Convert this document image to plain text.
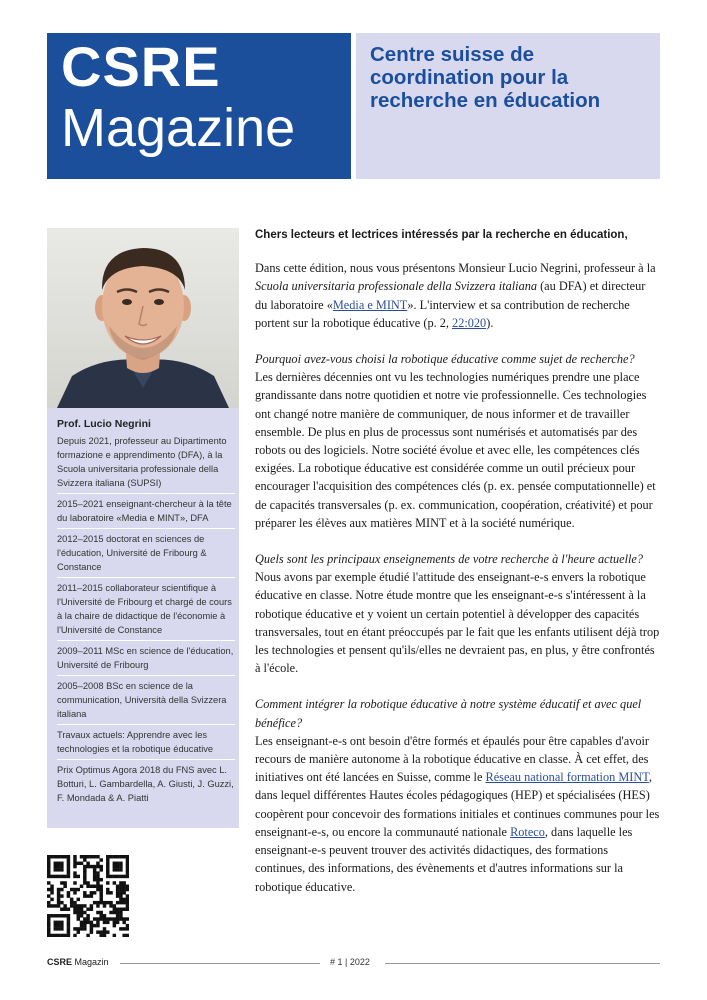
CSRE
Magazine
Centre suisse de coordination pour la recherche en éducation
Prof. Lucio Negrini
Depuis 2021, professeur au Dipartimento formazione e apprendimento (DFA), à la Scuola universitaria professionale della Svizzera italiana (SUPSI)
2015–2021 enseignant-chercheur à la tête du laboratoire «Media e MINT», DFA
2012–2015 doctorat en sciences de l'éducation, Université de Fribourg & Constance
2011–2015 collaborateur scientifique à l'Université de Fribourg et chargé de cours à la chaire de didactique de l'économie à l'Université de Constance
2009–2011 MSc en science de l'éducation, Université de Fribourg
2005–2008 BSc en science de la communication, Università della Svizzera italiana
Travaux actuels: Apprendre avec les technologies et la robotique éducative
Prix Optimus Agora 2018 du FNS avec L. Botturi, L. Gambardella, A. Giusti, J. Guzzi, F. Mondada & A. Piatti
Chers lecteurs et lectrices intéressés par la recherche en éducation,

Dans cette édition, nous vous présentons Monsieur Lucio Negrini, professeur à la Scuola universitaria professionale della Svizzera italiana (au DFA) et directeur du laboratoire «Media e MINT». L'interview et sa contribution de recherche portent sur la robotique éducative (p. 2, 22:020).

Pourquoi avez-vous choisi la robotique éducative comme sujet de recherche?

Les dernières décennies ont vu les technologies numériques prendre une place grandissante dans notre quotidien et notre vie professionnelle. Ces technologies ont changé notre manière de communiquer, de nous informer et de travailler ensemble. De plus en plus de processus sont numérisés et automatisés par des robots ou des logiciels. Notre société évolue et avec elle, les compétences clés exigées. La robotique éducative est considérée comme un outil précieux pour encourager l'acquisition des compétences clés (p. ex. pensée computationnelle) et de capacités transversales (p. ex. communication, coopération, créativité) et pour préparer les élèves aux matières MINT et à la société numérique.

Quels sont les principaux enseignements de votre recherche à l'heure actuelle?

Nous avons par exemple étudié l'attitude des enseignant-e-s envers la robotique éducative en classe. Notre étude montre que les enseignant-e-s s'intéressent à la robotique éducative et y voient un certain potentiel à développer des capacités transversales, tout en étant préoccupés par le fait que les enfants utilisent déjà trop les technologies et pensent qu'ils/elles ne devraient pas, en plus, y être confrontés à l'école.

Comment intégrer la robotique éducative à notre système éducatif et avec quel bénéfice?

Les enseignant-e-s ont besoin d'être formés et épaulés pour être capables d'avoir recours de manière autonome à la robotique éducative en classe. À cet effet, des initiatives ont été lancées en Suisse, comme le Réseau national formation MINT, dans lequel différentes Hautes écoles pédagogiques (HEP) et spécialisées (HES) coopèrent pour concevoir des formations initiales et continues communes pour les enseignant-e-s, ou encore la communauté nationale Roteco, dans laquelle les enseignant-e-s peuvent trouver des activités didactiques, des formations continues, des informations, des évènements et d'autres informations sur la robotique éducative.

CSRE Magazin	# 1 | 2022
